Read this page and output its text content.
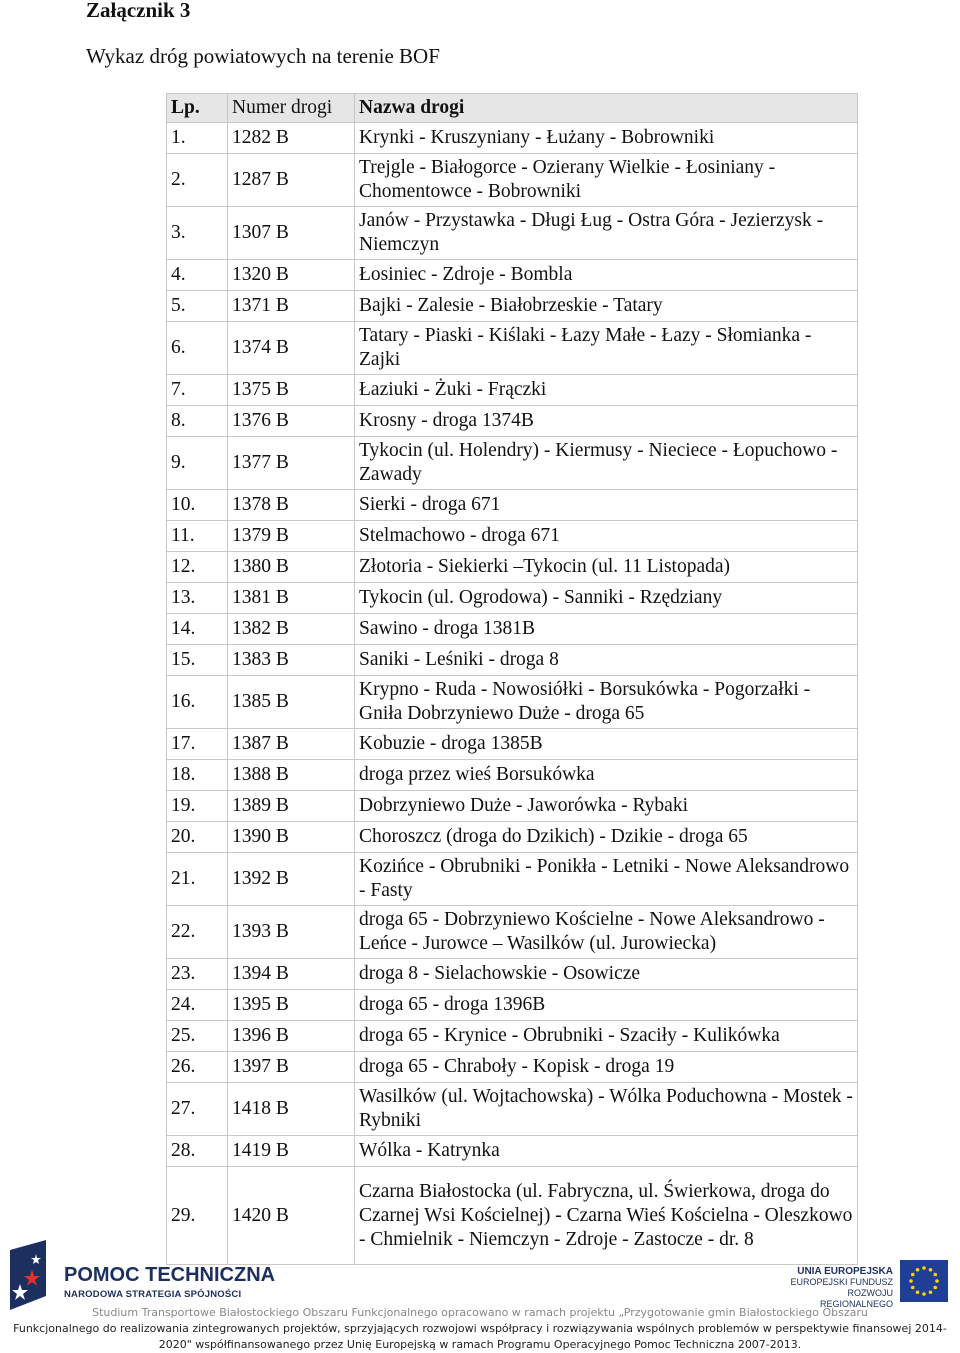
Załącznik 3
Wykaz dróg powiatowych na terenie BOF
Lp.	Numer drogi	Nazwa drogi
1.	1282 B	Krynki - Kruszyniany - Łużany - Bobrowniki
2.	1287 B	Trejgle - Białogorce - Ozierany Wielkie - Łosiniany - Chomentowce - Bobrowniki
3.	1307 B	Janów - Przystawka - Długi Ług - Ostra Góra - Jezierzysk - Niemczyn
4.	1320 B	Łosiniec - Zdroje - Bombla
5.	1371 B	Bajki - Zalesie - Białobrzeskie - Tatary
6.	1374 B	Tatary - Piaski - Kiślaki - Łazy Małe - Łazy - Słomianka - Zajki
7.	1375 B	Łaziuki - Żuki - Frączki
8.	1376 B	Krosny - droga 1374B
9.	1377 B	Tykocin (ul. Holendry) - Kiermusy - Nieciece - Łopuchowo - Zawady
10.	1378 B	Sierki - droga 671
11.	1379 B	Stelmachowo - droga 671
12.	1380 B	Złotoria - Siekierki –Tykocin (ul. 11 Listopada)
13.	1381 B	Tykocin (ul. Ogrodowa) - Sanniki - Rzędziany
14.	1382 B	Sawino - droga 1381B
15.	1383 B	Saniki - Leśniki - droga 8
16.	1385 B	Krypno - Ruda - Nowosiółki - Borsukówka - Pogorzałki - Gniła Dobrzyniewo Duże - droga 65
17.	1387 B	Kobuzie - droga 1385B
18.	1388 B	droga przez wieś Borsukówka
19.	1389 B	Dobrzyniewo Duże - Jaworówka - Rybaki
20.	1390 B	Choroszcz (droga do Dzikich) - Dzikie - droga 65
21.	1392 B	Kozińce - Obrubniki - Ponikła - Letniki - Nowe Aleksandrowo - Fasty
22.	1393 B	droga 65 - Dobrzyniewo Kościelne - Nowe Aleksandrowo - Leńce - Jurowce – Wasilków (ul. Jurowiecka)
23.	1394 B	droga 8 - Sielachowskie - Osowicze
24.	1395 B	droga 65 - droga 1396B
25.	1396 B	droga 65 - Krynice - Obrubniki - Szaciły - Kulikówka
26.	1397 B	droga 65 - Chraboły - Kopisk - droga 19
27.	1418 B	Wasilków (ul. Wojtachowska) - Wólka Poduchowna - Mostek - Rybniki
28.	1419 B	Wólka - Katrynka
29.	1420 B	Czarna Białostocka (ul. Fabryczna, ul. Świerkowa, droga do Czarnej Wsi Kościelnej) - Czarna Wieś Kościelna - Oleszkowo - Chmielnik - Niemczyn - Zdroje - Zastocze - dr. 8
POMOC TECHNICZNA
NARODOWA STRATEGIA SPÓJNOŚCI
UNIA EUROPEJSKA
EUROPEJSKI FUNDUSZ
ROZWOJU REGIONALNEGO
Studium Transportowe Białostockiego Obszaru Funkcjonalnego opracowano w ramach projektu „Przygotowanie gmin Białostockiego Obszaru
Funkcjonalnego do realizowania zintegrowanych projektów, sprzyjających rozwojowi współpracy i rozwiązywania wspólnych problemów w perspektywie finansowej 2014-
2020" współfinansowanego przez Unię Europejską w ramach Programu Operacyjnego Pomoc Techniczna 2007-2013.
